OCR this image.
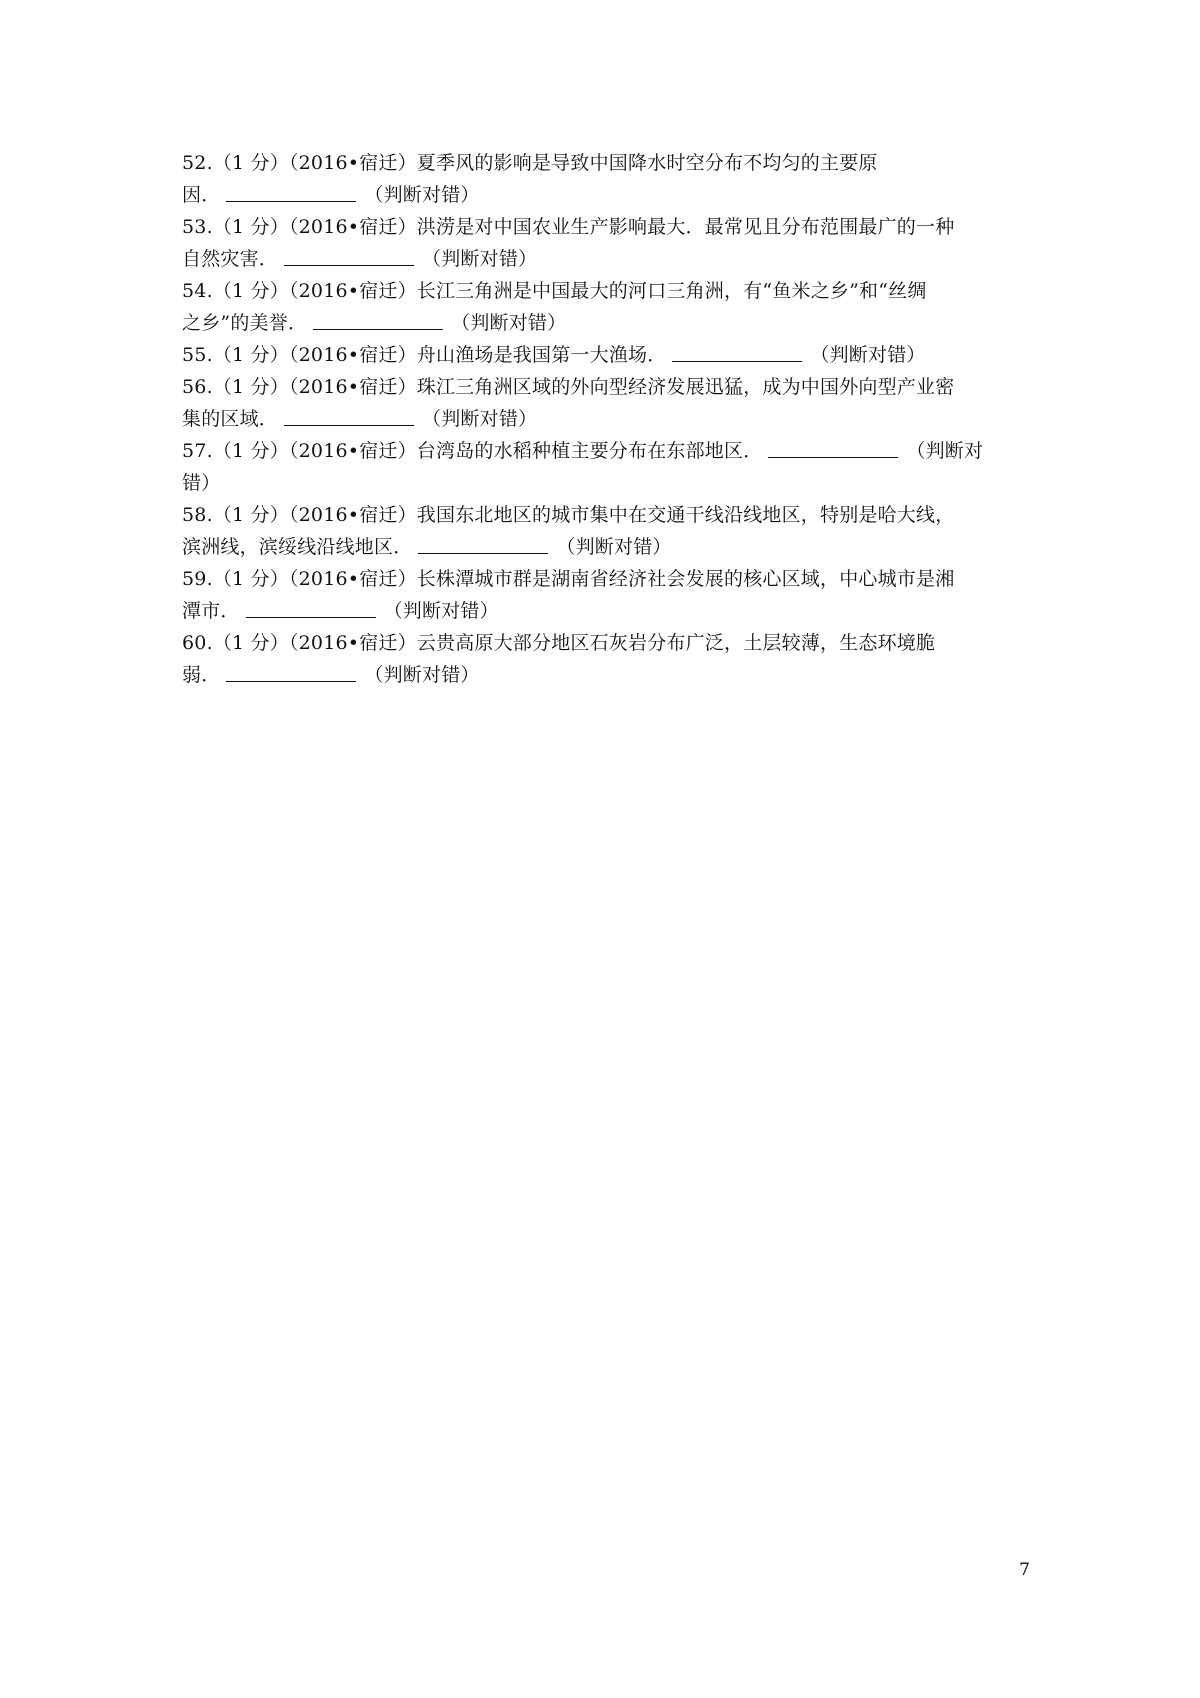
52.（1 分）（2016•宿迁）夏季风的影响是导致中国降水时空分布不均匀的主要原
因．	（判断对错）
53.（1 分）（2016•宿迁）洪涝是对中国农业生产影响最大．最常见且分布范围最广的一种
自然灾害．	（判断对错）
54.（1 分）（2016•宿迁）长江三角洲是中国最大的河口三角洲，有“鱼米之乡”和“丝绸
之乡”的美誉．	（判断对错）
55.（1 分）（2016•宿迁）舟山渔场是我国第一大渔场．	（判断对错）
56.（1 分）（2016•宿迁）珠江三角洲区域的外向型经济发展迅猛，成为中国外向型产业密
集的区域．	（判断对错）
57.（1 分）（2016•宿迁）台湾岛的水稻种植主要分布在东部地区．	（判断对
错）
58.（1 分）（2016•宿迁）我国东北地区的城市集中在交通干线沿线地区，特别是哈大线，
滨洲线，滨绥线沿线地区．	（判断对错）
59.（1 分）（2016•宿迁）长株潭城市群是湖南省经济社会发展的核心区域，中心城市是湘
潭市．	（判断对错）
60.（1 分）（2016•宿迁）云贵高原大部分地区石灰岩分布广泛，土层较薄，生态环境脆
弱．	（判断对错）
7
